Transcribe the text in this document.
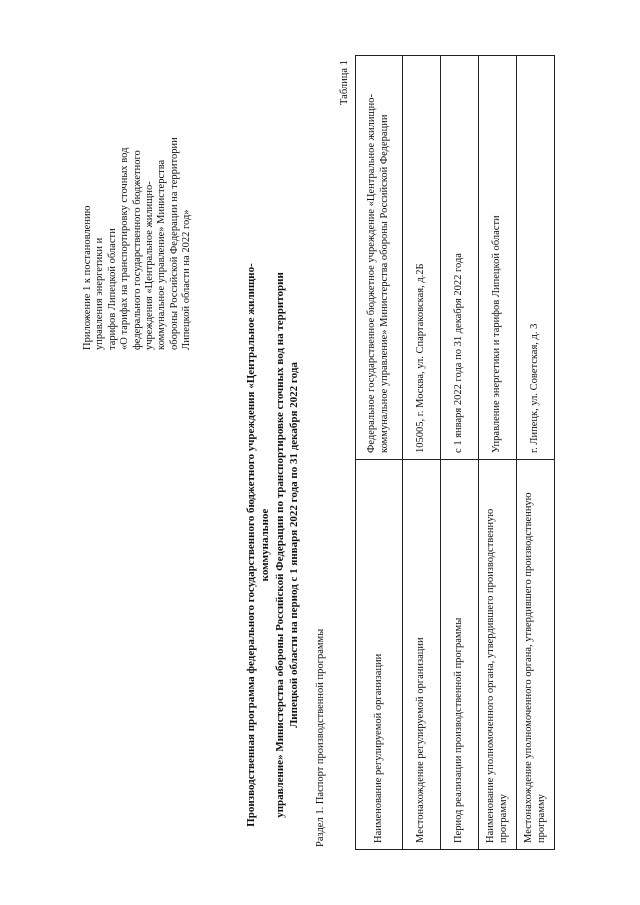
Приложение 1 к постановлению управления энергетики и тарифов Липецкой области «О тарифах на транспортировку сточных вод федерального государственного бюджетного учреждения «Центральное жилищно- коммунальное управление» Министерства обороны Российской Федерации на территории Липецкой области на 2022 год»	Производственная программа федерального государственного бюджетного учреждения «Центральное жилищно-коммунальное управление» Министерства обороны Российской Федерации по транспортировке сточных вод на территории Липецкой области на период с 1 января 2022 года по 31 декабря 2022 года
Раздел 1. Паспорт производственной программы
Таблица 1
Наименование регулируемой организации	Федеральное государственное бюджетное учреждение «Центральное жилищно-коммунальное управление» Министерства обороны Российской Федерации
Местонахождение регулируемой организации	105005, г. Москва, ул. Спартаковская, д.2Б
Период реализации производственной программы	с 1 января 2022 года по 31 декабря 2022 года
Наименование уполномоченного органа, утвердившего производственную программу	Управление энергетики и тарифов Липецкой области
Местонахождение уполномоченного органа, утвердившего производственную программу	г. Липецк, ул. Советская, д. 3
